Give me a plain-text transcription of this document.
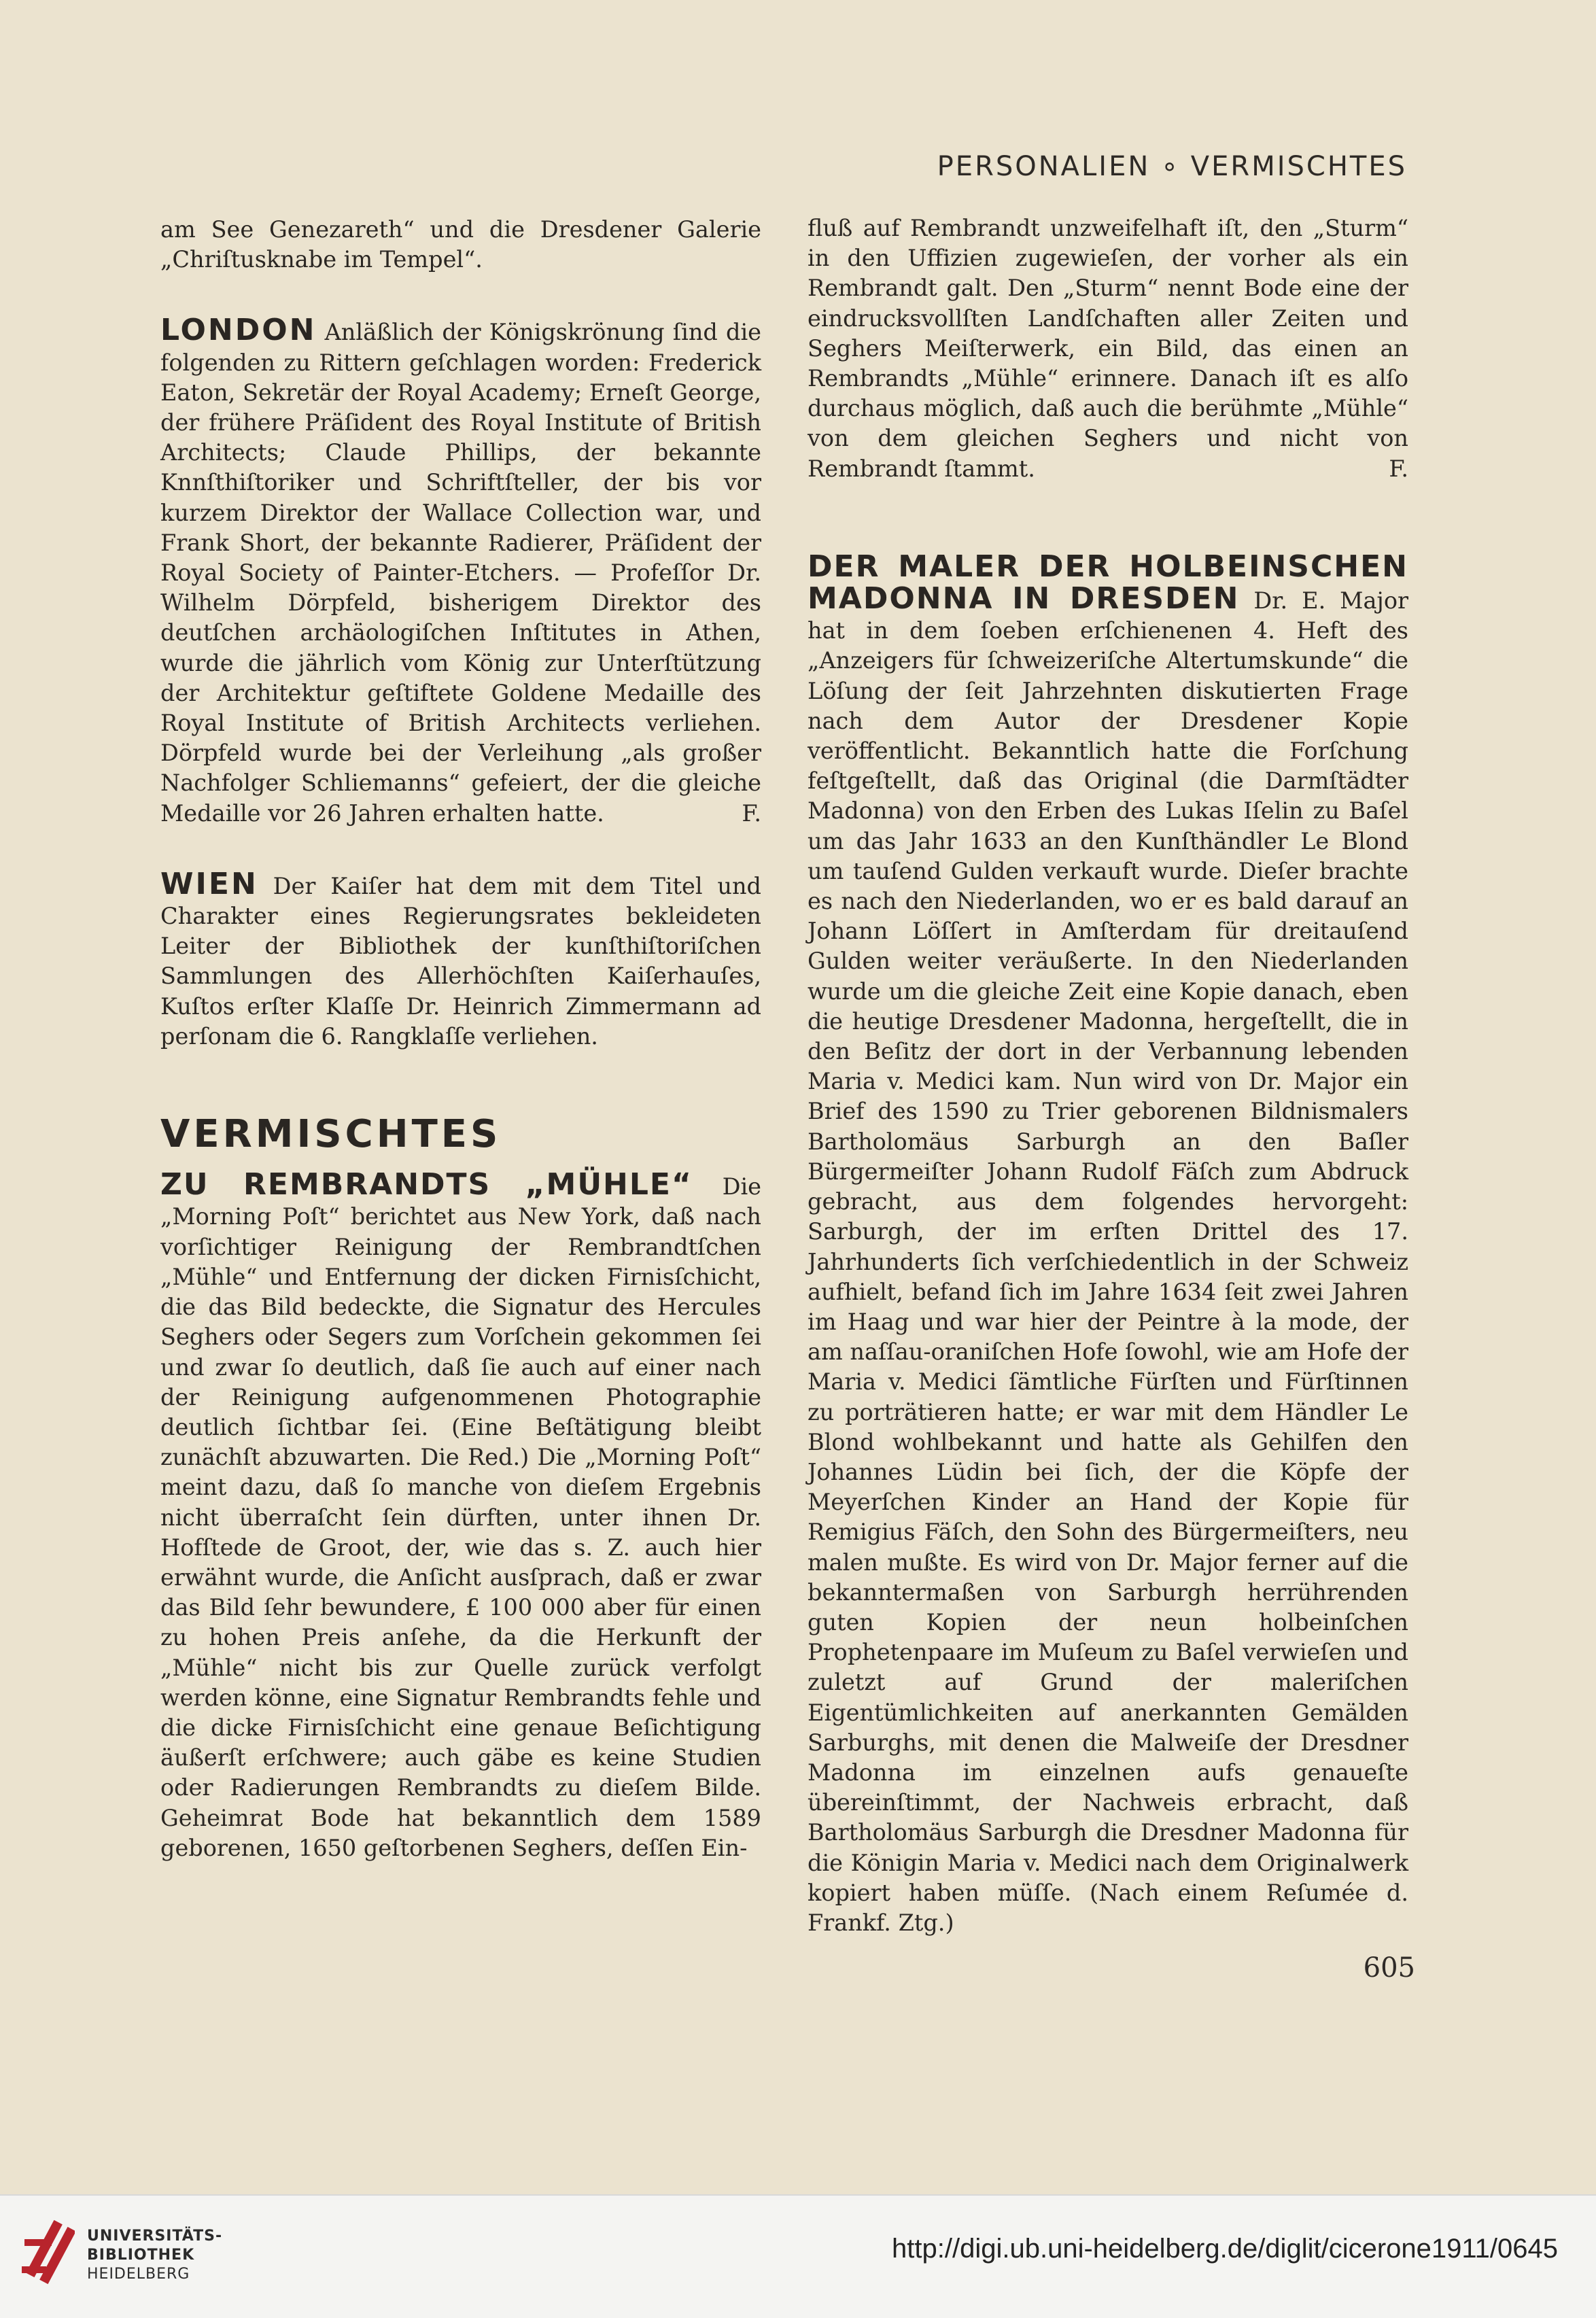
PERSONALIEN ∘ VERMISCHTES

am See Genezareth“ und die Dresdener Galerie „Chriſtusknabe im Tempel“.

LONDON Anläßlich der Königskrönung ſind die folgenden zu Rittern geſchlagen worden: Frederick Eaton, Sekretär der Royal Academy; Erneſt George, der frühere Präſident des Royal Institute of British Architects; Claude Phillips, der bekannte Knnſthiſtoriker und Schriftſteller, der bis vor kurzem Direktor der Wallace Collection war, und Frank Short, der bekannte Radierer, Präſident der Royal Society of Painter-Etchers. — Profeſſor Dr. Wilhelm Dörpfeld, bisherigem Direktor des deutſchen archäologiſchen Inſtitutes in Athen, wurde die jährlich vom König zur Unterſtützung der Architektur geſtiftete Goldene Medaille des Royal Institute of British Architects verliehen. Dörpfeld wurde bei der Verleihung „als großer Nachfolger Schliemanns“ gefeiert, der die gleiche Medaille vor 26 Jahren erhalten hatte.	F.

WIEN Der Kaiſer hat dem mit dem Titel und Charakter eines Regierungsrates bekleideten Leiter der Bibliothek der kunſthiſtoriſchen Sammlungen des Allerhöchſten Kaiſerhauſes, Kuſtos erſter Klaſſe Dr. Heinrich Zimmermann ad perſonam die 6. Rangklaſſe verliehen.

VERMISCHTES

ZU REMBRANDTS „MÜHLE“ Die „Morning Poſt“ berichtet aus New York, daß nach vorſichtiger Reinigung der Rembrandtſchen „Mühle“ und Entfernung der dicken Firnisſchicht, die das Bild bedeckte, die Signatur des Hercules Seghers oder Segers zum Vorſchein gekommen ſei und zwar ſo deutlich, daß ſie auch auf einer nach der Reinigung aufgenommenen Photographie deutlich ſichtbar ſei. (Eine Beſtätigung bleibt zunächſt abzuwarten. Die Red.) Die „Morning Poſt“ meint dazu, daß ſo manche von dieſem Ergebnis nicht überraſcht ſein dürften, unter ihnen Dr. Hofſtede de Groot, der, wie das s. Z. auch hier erwähnt wurde, die Anſicht ausſprach, daß er zwar das Bild ſehr bewundere, £ 100 000 aber für einen zu hohen Preis anſehe, da die Herkunft der „Mühle“ nicht bis zur Quelle zurück verfolgt werden könne, eine Signatur Rembrandts fehle und die dicke Firnisſchicht eine genaue Beſichtigung äußerſt erſchwere; auch gäbe es keine Studien oder Radierungen Rembrandts zu dieſem Bilde. Geheimrat Bode hat bekanntlich dem 1589 geborenen, 1650 geſtorbenen Seghers, deſſen Ein-

fluß auf Rembrandt unzweifelhaft iſt, den „Sturm“ in den Uffizien zugewieſen, der vorher als ein Rembrandt galt. Den „Sturm“ nennt Bode eine der eindrucksvollſten Landſchaften aller Zeiten und Seghers Meiſterwerk, ein Bild, das einen an Rembrandts „Mühle“ erinnere. Danach iſt es alſo durchaus möglich, daß auch die berühmte „Mühle“ von dem gleichen Seghers und nicht von Rembrandt ſtammt.	F.

DER MALER DER HOLBEINSCHEN MADONNA IN DRESDEN Dr. E. Major hat in dem ſoeben erſchienenen 4. Heft des „Anzeigers für ſchweizeriſche Altertumskunde“ die Löſung der ſeit Jahrzehnten diskutierten Frage nach dem Autor der Dresdener Kopie veröffentlicht. Bekanntlich hatte die Forſchung feſtgeſtellt, daß das Original (die Darmſtädter Madonna) von den Erben des Lukas Iſelin zu Baſel um das Jahr 1633 an den Kunſthändler Le Blond um tauſend Gulden verkauft wurde. Dieſer brachte es nach den Niederlanden, wo er es bald darauf an Johann Löſſert in Amſterdam für dreitauſend Gulden weiter veräußerte. In den Niederlanden wurde um die gleiche Zeit eine Kopie danach, eben die heutige Dresdener Madonna, hergeſtellt, die in den Beſitz der dort in der Verbannung lebenden Maria v. Medici kam. Nun wird von Dr. Major ein Brief des 1590 zu Trier geborenen Bildnismalers Bartholomäus Sarburgh an den Baſler Bürgermeiſter Johann Rudolf Fäſch zum Abdruck gebracht, aus dem folgendes hervorgeht: Sarburgh, der im erſten Drittel des 17. Jahrhunderts ſich verſchiedentlich in der Schweiz aufhielt, befand ſich im Jahre 1634 ſeit zwei Jahren im Haag und war hier der Peintre à la mode, der am naſſau-oraniſchen Hofe ſowohl, wie am Hofe der Maria v. Medici ſämtliche Fürſten und Fürſtinnen zu porträtieren hatte; er war mit dem Händler Le Blond wohlbekannt und hatte als Gehilfen den Johannes Lüdin bei ſich, der die Köpfe der Meyerſchen Kinder an Hand der Kopie für Remigius Fäſch, den Sohn des Bürgermeiſters, neu malen mußte. Es wird von Dr. Major ferner auf die bekanntermaßen von Sarburgh herrührenden guten Kopien der neun holbeinſchen Prophetenpaare im Muſeum zu Baſel verwieſen und zuletzt auf Grund der maleriſchen Eigentümlichkeiten auf anerkannten Gemälden Sarburghs, mit denen die Malweiſe der Dresdner Madonna im einzelnen aufs genaueſte übereinſtimmt, der Nachweis erbracht, daß Bartholomäus Sarburgh die Dresdner Madonna für die Königin Maria v. Medici nach dem Originalwerk kopiert haben müſſe. (Nach einem Reſumée d. Frankf. Ztg.)

605
UNIVERSITÄTS-
BIBLIOTHEK
HEIDELBERG
http://digi.ub.uni-heidelberg.de/diglit/cicerone1911/0645
